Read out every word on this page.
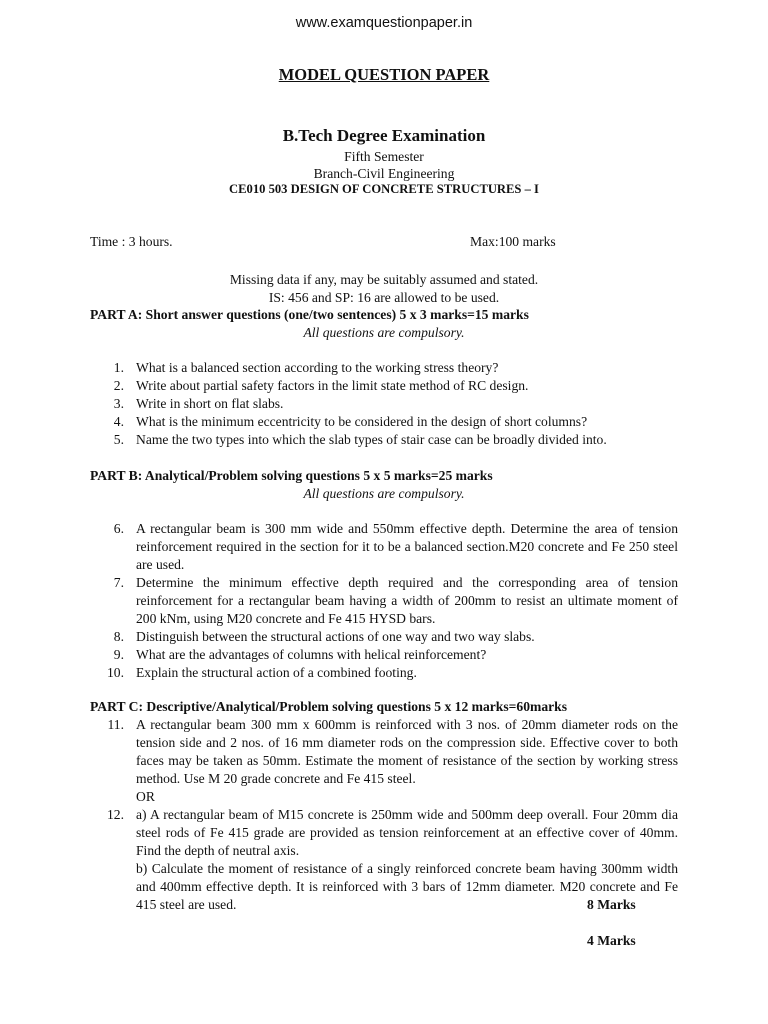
www.examquestionpaper.in
MODEL QUESTION PAPER
B.Tech Degree Examination
Fifth Semester
Branch-Civil Engineering
CE010 503 DESIGN OF CONCRETE STRUCTURES – I
Time : 3 hours.	Max:100 marks
Missing data if any, may be suitably assumed and stated.
IS: 456 and SP: 16 are allowed to be used.
PART A: Short answer questions (one/two sentences) 5 x 3 marks=15 marks
All questions are compulsory.
1. What is a balanced section according to the working stress theory?
2. Write about partial safety factors in the limit state method of RC design.
3. Write in short on flat slabs.
4. What is the minimum eccentricity to be considered in the design of short columns?
5. Name the two types into which the slab types of stair case can be broadly divided into.
PART B: Analytical/Problem solving questions 5 x 5 marks=25 marks
All questions are compulsory.
6. A rectangular beam is 300 mm wide and 550mm effective depth. Determine the area of tension reinforcement required in the section for it to be a balanced section.M20 concrete and Fe 250 steel are used.
7. Determine the minimum effective depth required and the corresponding area of tension reinforcement for a rectangular beam having a width of 200mm to resist an ultimate moment of 200 kNm, using M20 concrete and Fe 415 HYSD bars.
8. Distinguish between the structural actions of one way and two way slabs.
9. What are the advantages of columns with helical reinforcement?
10. Explain the structural action of a combined footing.
PART C: Descriptive/Analytical/Problem solving questions 5 x 12 marks=60marks
11. A rectangular beam 300 mm x 600mm is reinforced with 3 nos. of 20mm diameter rods on the tension side and 2 nos. of 16 mm diameter rods on the compression side. Effective cover to both faces may be taken as 50mm. Estimate the moment of resistance of the section by working stress method. Use M 20 grade concrete and Fe 415 steel.
OR
12. a) A rectangular beam of M15 concrete is 250mm wide and 500mm deep overall. Four 20mm dia steel rods of Fe 415 grade are provided as tension reinforcement at an effective cover of 40mm. Find the depth of neutral axis.
4 Marks
b) Calculate the moment of resistance of a singly reinforced concrete beam having 300mm width and 400mm effective depth. It is reinforced with 3 bars of 12mm diameter. M20 concrete and Fe 415 steel are used.	8 Marks
